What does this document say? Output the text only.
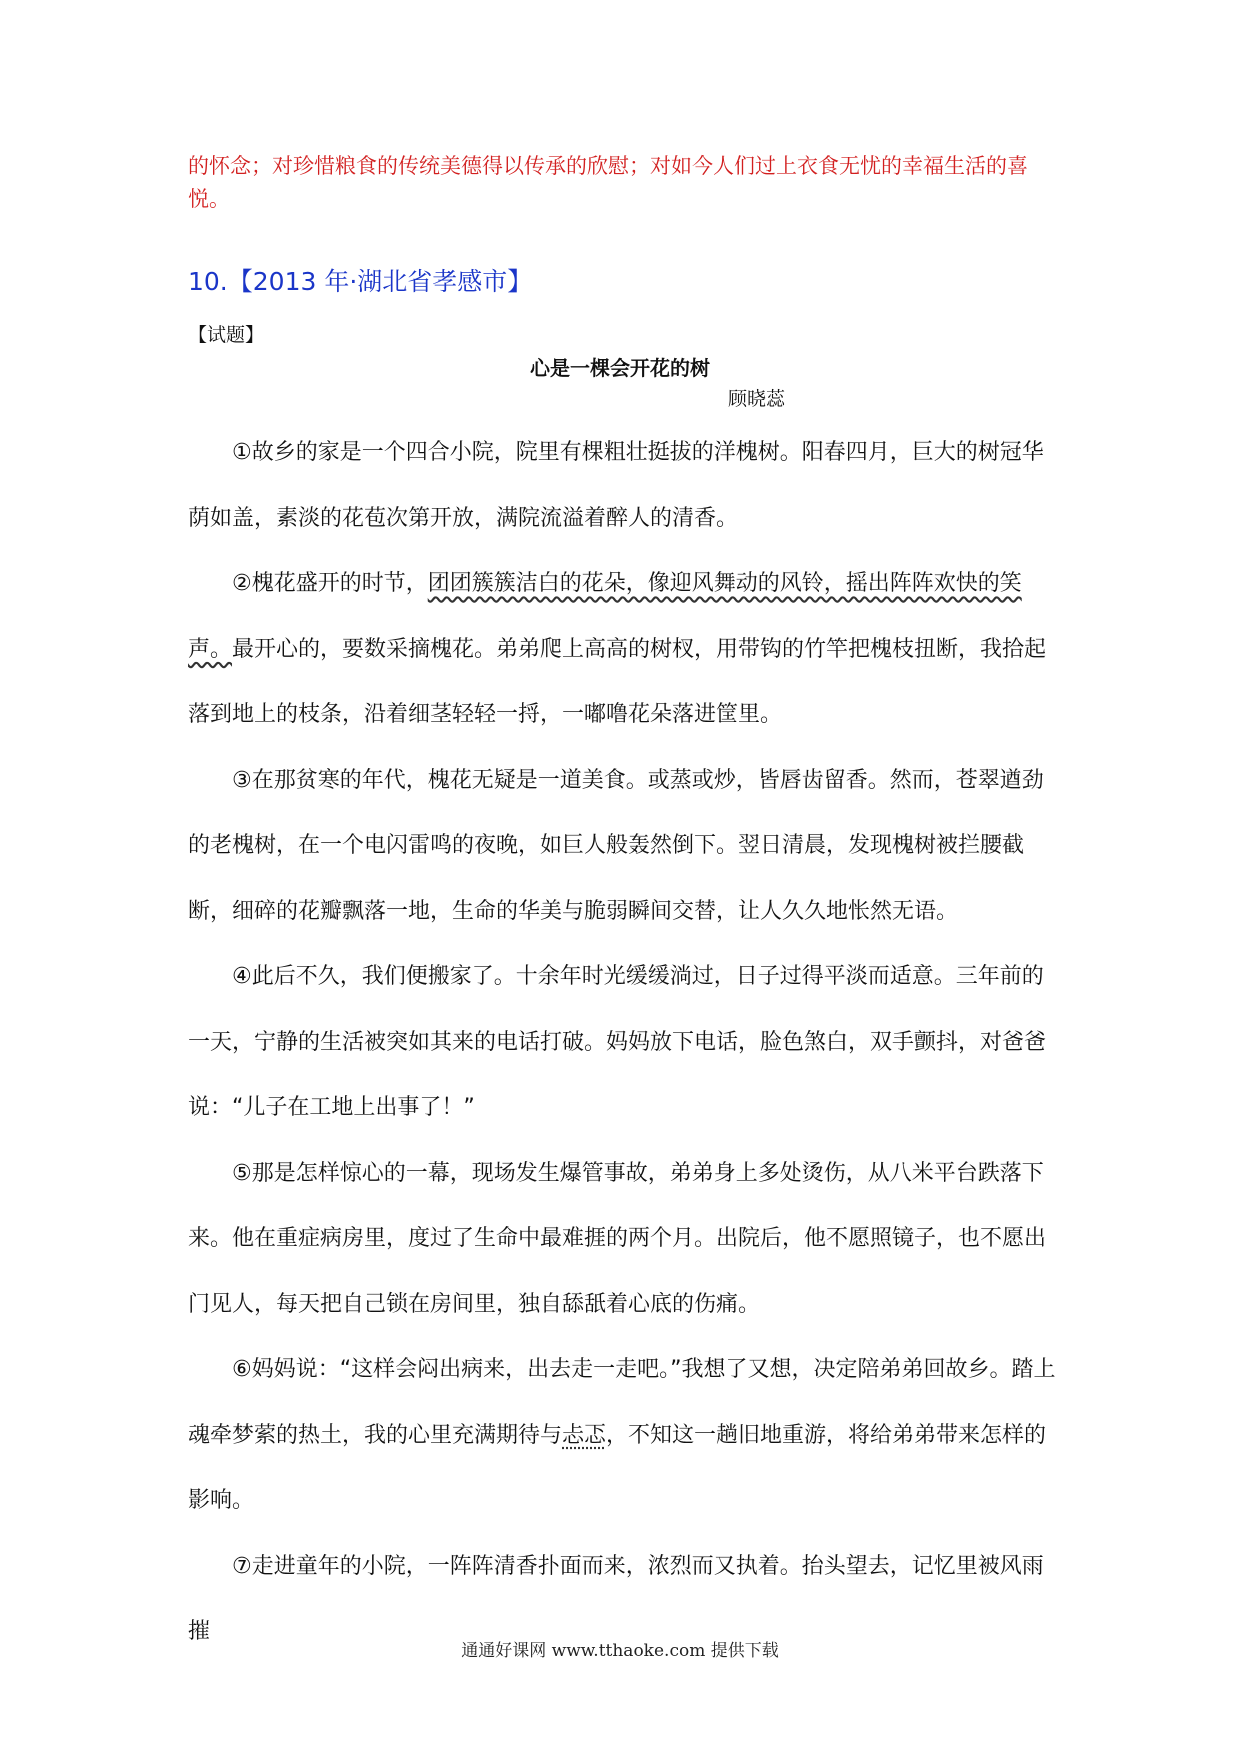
的怀念；对珍惜粮食的传统美德得以传承的欣慰；对如今人们过上衣食无忧的幸福生活的喜悦。
10.【2013 年·湖北省孝感市】
【试题】
心是一棵会开花的树
顾晓蕊

①故乡的家是一个四合小院，院里有棵粗壮挺拔的洋槐树。阳春四月，巨大的树冠华荫如盖，素淡的花苞次第开放，满院流溢着醉人的清香。

②槐花盛开的时节，团团簇簇洁白的花朵，像迎风舞动的风铃，摇出阵阵欢快的笑声。最开心的，要数采摘槐花。弟弟爬上高高的树杈，用带钩的竹竿把槐枝扭断，我拾起落到地上的枝条，沿着细茎轻轻一捋，一嘟噜花朵落进筐里。

③在那贫寒的年代，槐花无疑是一道美食。或蒸或炒，皆唇齿留香。然而，苍翠遒劲的老槐树，在一个电闪雷鸣的夜晚，如巨人般轰然倒下。翌日清晨，发现槐树被拦腰截断，细碎的花瓣飘落一地，生命的华美与脆弱瞬间交替，让人久久地怅然无语。

④此后不久，我们便搬家了。十余年时光缓缓淌过，日子过得平淡而适意。三年前的一天，宁静的生活被突如其来的电话打破。妈妈放下电话，脸色煞白，双手颤抖，对爸爸说：“儿子在工地上出事了！”

⑤那是怎样惊心的一幕，现场发生爆管事故，弟弟身上多处烫伤，从八米平台跌落下来。他在重症病房里，度过了生命中最难捱的两个月。出院后，他不愿照镜子，也不愿出门见人，每天把自己锁在房间里，独自舔舐着心底的伤痛。

⑥妈妈说：“这样会闷出病来，出去走一走吧。”我想了又想，决定陪弟弟回故乡。踏上魂牵梦萦的热土，我的心里充满期待与忐忑，不知这一趟旧地重游，将给弟弟带来怎样的影响。

⑦走进童年的小院，一阵阵清香扑面而来，浓烈而又执着。抬头望去，记忆里被风雨摧

通通好课网 www.tthaoke.com 提供下载
